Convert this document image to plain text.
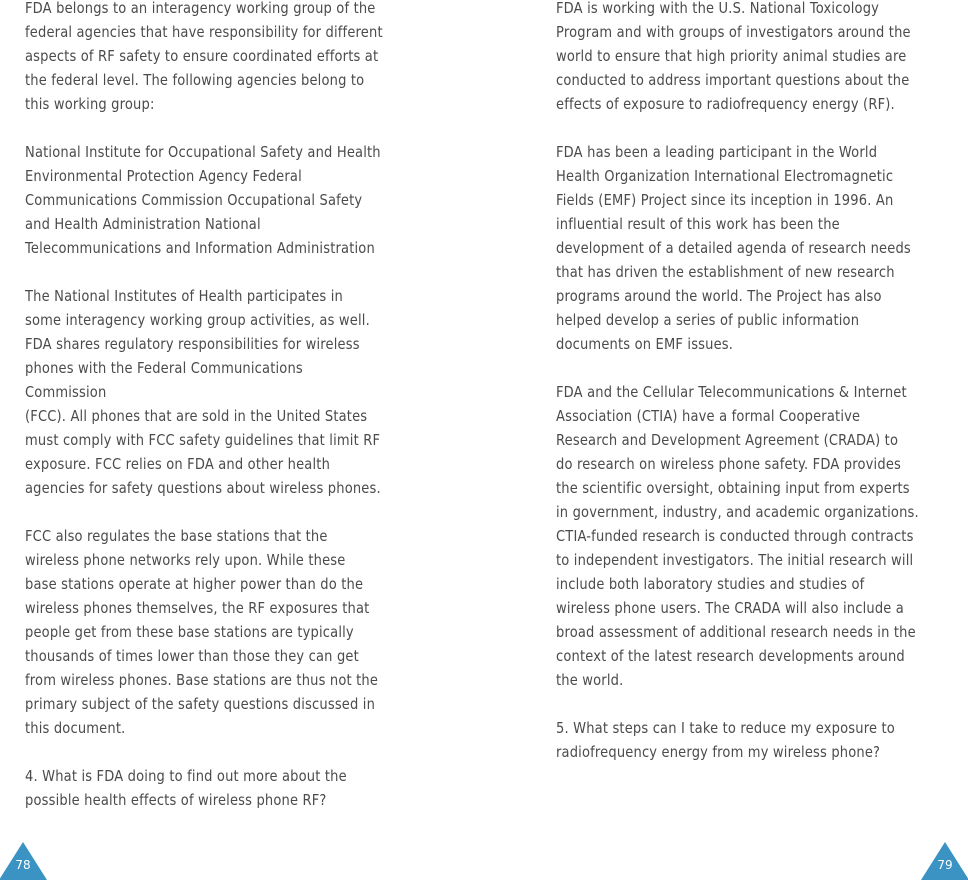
FDA belongs to an interagency working group of the
federal agencies that have responsibility for different
aspects of RF safety to ensure coordinated efforts at
the federal level. The following agencies belong to
this working group:

National Institute for Occupational Safety and Health
Environmental Protection Agency Federal
Communications Commission Occupational Safety
and Health Administration National
Telecommunications and Information Administration

The National Institutes of Health participates in
some interagency working group activities, as well.
FDA shares regulatory responsibilities for wireless
phones with the Federal Communications
Commission
(FCC). All phones that are sold in the United States
must comply with FCC safety guidelines that limit RF
exposure. FCC relies on FDA and other health
agencies for safety questions about wireless phones.

FCC also regulates the base stations that the
wireless phone networks rely upon. While these
base stations operate at higher power than do the
wireless phones themselves, the RF exposures that
people get from these base stations are typically
thousands of times lower than those they can get
from wireless phones. Base stations are thus not the
primary subject of the safety questions discussed in
this document.

4. What is FDA doing to find out more about the
possible health effects of wireless phone RF?

FDA is working with the U.S. National Toxicology
Program and with groups of investigators around the
world to ensure that high priority animal studies are
conducted to address important questions about the
effects of exposure to radiofrequency energy (RF).

FDA has been a leading participant in the World
Health Organization International Electromagnetic
Fields (EMF) Project since its inception in 1996. An
influential result of this work has been the
development of a detailed agenda of research needs
that has driven the establishment of new research
programs around the world. The Project has also
helped develop a series of public information
documents on EMF issues.

FDA and the Cellular Telecommunications & Internet
Association (CTIA) have a formal Cooperative
Research and Development Agreement (CRADA) to
do research on wireless phone safety. FDA provides
the scientific oversight, obtaining input from experts
in government, industry, and academic organizations.
CTIA-funded research is conducted through contracts
to independent investigators. The initial research will
include both laboratory studies and studies of
wireless phone users. The CRADA will also include a
broad assessment of additional research needs in the
context of the latest research developments around
the world.

5. What steps can I take to reduce my exposure to
radiofrequency energy from my wireless phone?

78	79
